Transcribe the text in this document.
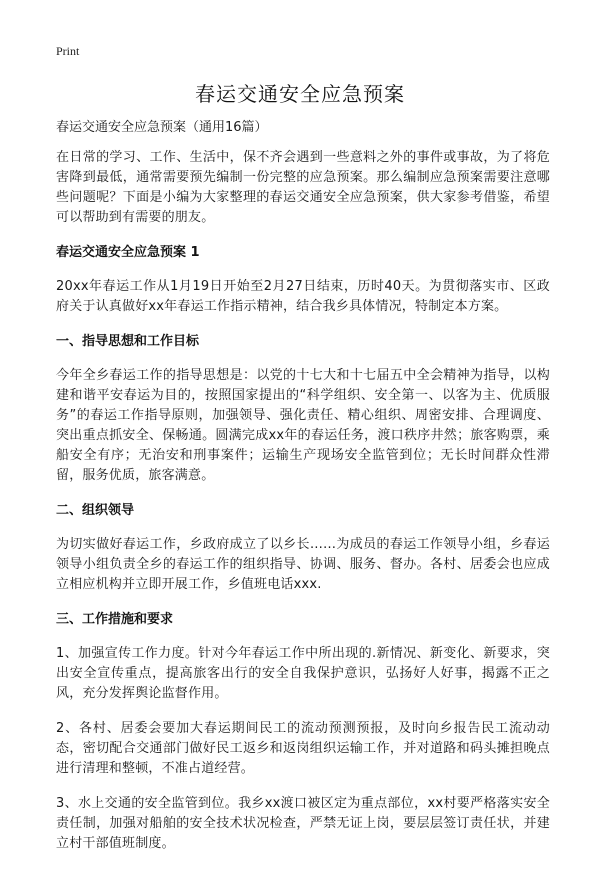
Print
春运交通安全应急预案

春运交通安全应急预案（通用16篇）

在日常的学习、工作、生活中，保不齐会遇到一些意料之外的事件或事故，为了将危害降到最低，通常需要预先编制一份完整的应急预案。那么编制应急预案需要注意哪些问题呢？下面是小编为大家整理的春运交通安全应急预案，供大家参考借鉴，希望可以帮助到有需要的朋友。

春运交通安全应急预案 1

20xx年春运工作从1月19日开始至2月27日结束，历时40天。为贯彻落实市、区政府关于认真做好xx年春运工作指示精神，结合我乡具体情况，特制定本方案。

一、指导思想和工作目标

今年全乡春运工作的指导思想是：以党的十七大和十七届五中全会精神为指导，以构建和谐平安春运为目的，按照国家提出的“科学组织、安全第一、以客为主、优质服务”的春运工作指导原则，加强领导、强化责任、精心组织、周密安排、合理调度、突出重点抓安全、保畅通。圆满完成xx年的春运任务，渡口秩序井然；旅客购票，乘船安全有序；无治安和刑事案件；运输生产现场安全监管到位；无长时间群众性滞留，服务优质，旅客满意。

二、组织领导

为切实做好春运工作，乡政府成立了以乡长……为成员的春运工作领导小组，乡春运领导小组负责全乡的春运工作的组织指导、协调、服务、督办。各村、居委会也应成立相应机构并立即开展工作，乡值班电话xxx.

三、工作措施和要求

1、加强宣传工作力度。针对今年春运工作中所出现的.新情况、新变化、新要求，突出安全宣传重点，提高旅客出行的安全自我保护意识，弘扬好人好事，揭露不正之风，充分发挥舆论监督作用。

2、各村、居委会要加大春运期间民工的流动预测预报，及时向乡报告民工流动动态，密切配合交通部门做好民工返乡和返岗组织运输工作，并对道路和码头摊担晚点进行清理和整顿，不准占道经营。

3、水上交通的安全监管到位。我乡xx渡口被区定为重点部位，xx村要严格落实安全责任制，加强对船舶的安全技术状况检查，严禁无证上岗，要层层签订责任状，并建立村干部值班制度。
